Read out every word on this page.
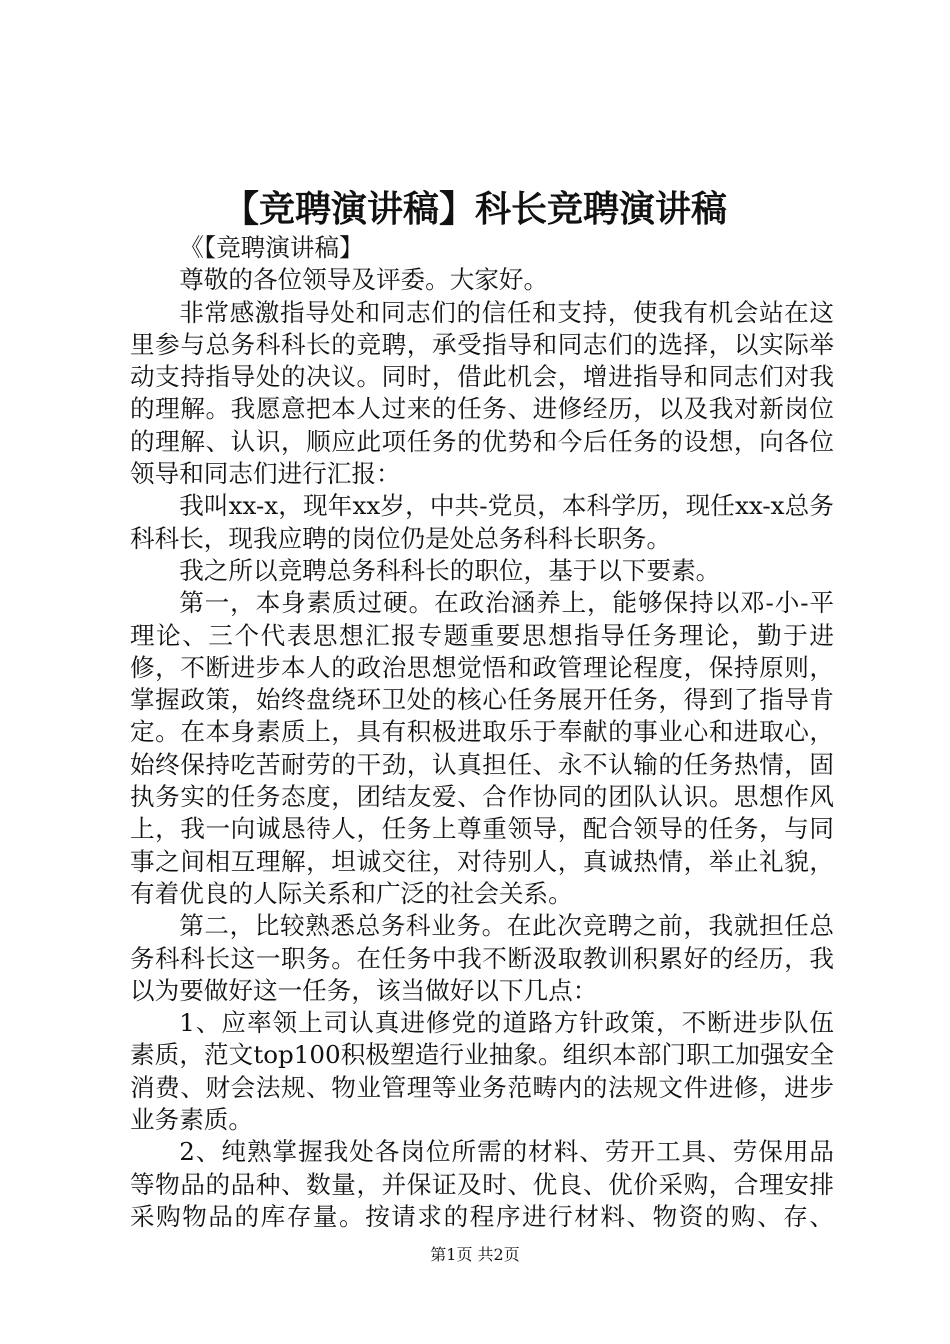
【竞聘演讲稿】科长竞聘演讲稿

《【竞聘演讲稿】

尊敬的各位领导及评委。大家好。

非常感激指导处和同志们的信任和支持，使我有机会站在这里参与总务科科长的竞聘，承受指导和同志们的选择，以实际举动支持指导处的决议。同时，借此机会，增进指导和同志们对我的理解。我愿意把本人过来的任务、进修经历，以及我对新岗位的理解、认识，顺应此项任务的优势和今后任务的设想，向各位领导和同志们进行汇报：

我叫xx-x，现年xx岁，中共-党员，本科学历，现任xx-x总务科科长，现我应聘的岗位仍是处总务科科长职务。

我之所以竞聘总务科科长的职位，基于以下要素。

第一，本身素质过硬。在政治涵养上，能够保持以邓-小-平理论、三个代表思想汇报专题重要思想指导任务理论，勤于进修，不断进步本人的政治思想觉悟和政管理论程度，保持原则，掌握政策，始终盘绕环卫处的核心任务展开任务，得到了指导肯定。在本身素质上，具有积极进取乐于奉献的事业心和进取心，始终保持吃苦耐劳的干劲，认真担任、永不认输的任务热情，固执务实的任务态度，团结友爱、合作协同的团队认识。思想作风上，我一向诚恳待人，任务上尊重领导，配合领导的任务，与同事之间相互理解，坦诚交往，对待别人，真诚热情，举止礼貌，有着优良的人际关系和广泛的社会关系。

第二，比较熟悉总务科业务。在此次竞聘之前，我就担任总务科科长这一职务。在任务中我不断汲取教训积累好的经历，我以为要做好这一任务，该当做好以下几点：

1、应率领上司认真进修党的道路方针政策，不断进步队伍素质，范文top100积极塑造行业抽象。组织本部门职工加强安全消费、财会法规、物业管理等业务范畴内的法规文件进修，进步业务素质。

2、纯熟掌握我处各岗位所需的材料、劳开工具、劳保用品等物品的品种、数量，并保证及时、优良、优价采购，合理安排采购物品的库存量。按请求的程序进行材料、物资的购、存、

第1页 共2页
